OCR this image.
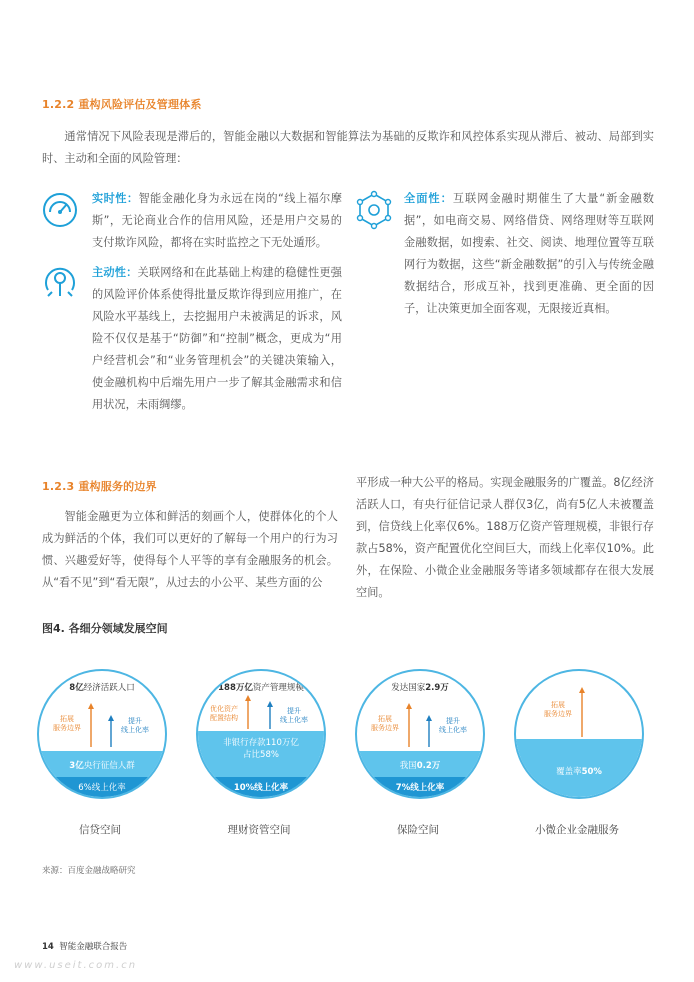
1.2.2 重构风险评估及管理体系
通常情况下风险表现是滞后的，智能金融以大数据和智能算法为基础的反欺诈和风控体系实现从滞后、被动、局部到实时、主动和全面的风险管理：
实时性：智能金融化身为永远在岗的“线上福尔摩斯”，无论商业合作的信用风险，还是用户交易的支付欺诈风险，都将在实时监控之下无处遁形。
主动性：关联网络和在此基础上构建的稳健性更强的风险评价体系使得批量反欺诈得到应用推广，在风险水平基线上，去挖掘用户未被满足的诉求，风险不仅仅是基于“防御”和“控制”概念，更成为“用户经营机会”和“业务管理机会”的关键决策输入，使金融机构中后端先用户一步了解其金融需求和信用状况，未雨绸缪。
全面性：互联网金融时期催生了大量“新金融数据”，如电商交易、网络借贷、网络理财等互联网金融数据，如搜索、社交、阅读、地理位置等互联网行为数据，这些“新金融数据”的引入与传统金融数据结合，形成互补，找到更准确、更全面的因子，让决策更加全面客观，无限接近真相。
1.2.3 重构服务的边界
智能金融更为立体和鲜活的刻画个人，使群体化的个人成为鲜活的个体，我们可以更好的了解每一个用户的行为习惯、兴趣爱好等，使得每个人平等的享有金融服务的机会。从“看不见”到“看无限”，从过去的小公平、某些方面的公
平形成一种大公平的格局。实现金融服务的广覆盖。8亿经济活跃人口，有央行征信记录人群仅3亿，尚有5亿人未被覆盖到，信贷线上化率仅6%。188万亿资产管理规模，非银行存款占58%，资产配置优化空间巨大，而线上化率仅10%。此外，在保险、小微企业金融服务等诸多领域都存在很大发展空间。
图4. 各细分领域发展空间
8亿经济活跃人口
拓展
服务边界
提升
线上化率
3亿央行征信人群
6%线上化率
信贷空间
188万亿资产管理规模
优化资产
配置结构
提升
线上化率
非银行存款110万亿
占比58%
10%线上化率
理财资管空间
发达国家2.9万
拓展
服务边界
提升
线上化率
我国0.2万
7%线上化率
保险空间
拓展
服务边界
覆盖率50%
小微企业金融服务
来源：百度金融战略研究
14 智能金融联合报告
www.useit.com.cn
